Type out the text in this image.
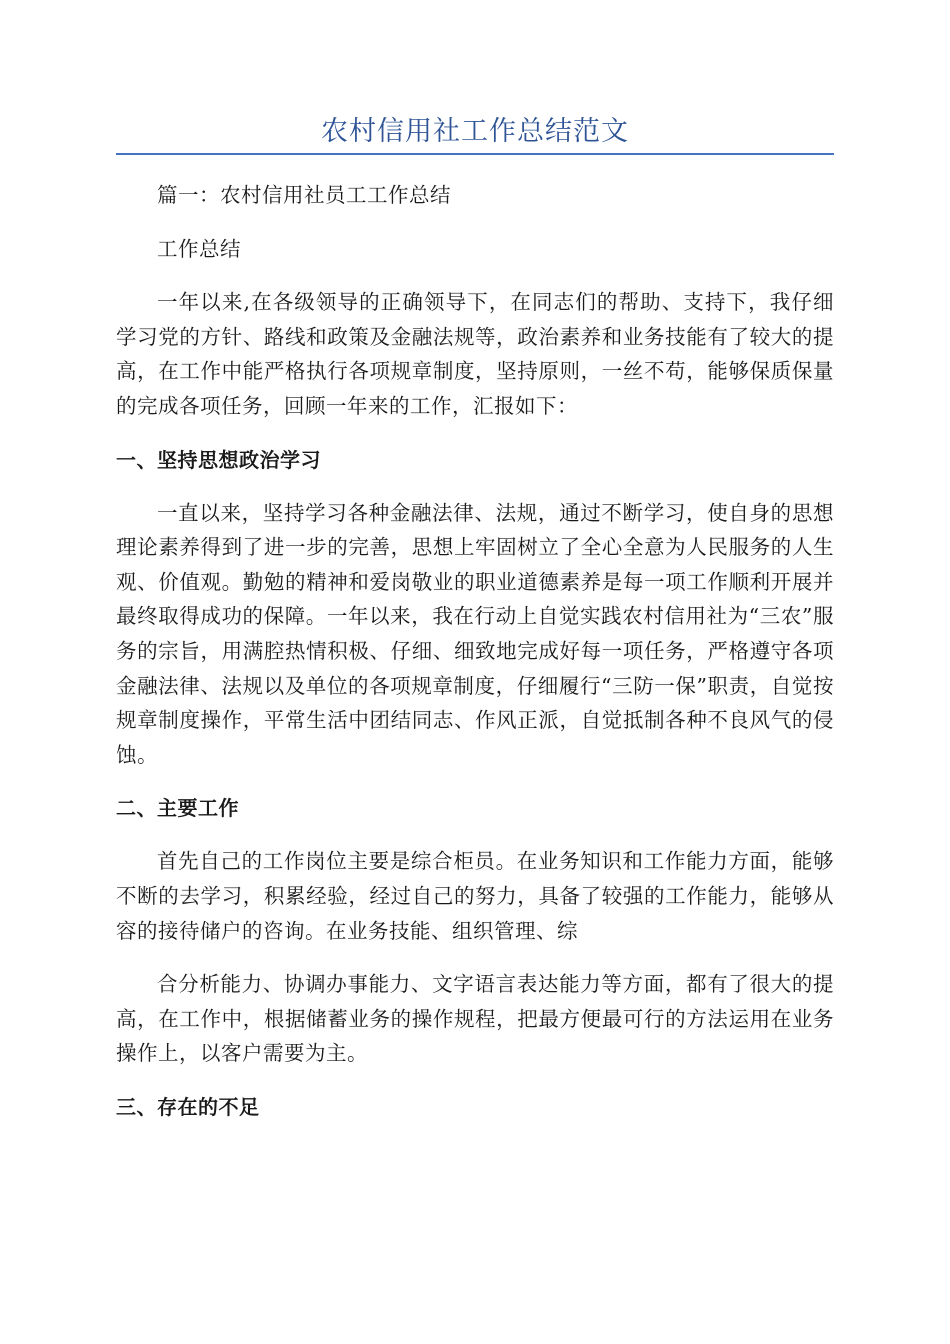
农村信用社工作总结范文

篇一：农村信用社员工工作总结

工作总结

一年以来,在各级领导的正确领导下，在同志们的帮助、支持下，我仔细学习党的方针、路线和政策及金融法规等，政治素养和业务技能有了较大的提高，在工作中能严格执行各项规章制度，坚持原则，一丝不苟，能够保质保量的完成各项任务，回顾一年来的工作，汇报如下：

一、坚持思想政治学习

一直以来，坚持学习各种金融法律、法规，通过不断学习，使自身的思想理论素养得到了进一步的完善，思想上牢固树立了全心全意为人民服务的人生观、价值观。勤勉的精神和爱岗敬业的职业道德素养是每一项工作顺利开展并最终取得成功的保障。一年以来，我在行动上自觉实践农村信用社为“三农”服务的宗旨，用满腔热情积极、仔细、细致地完成好每一项任务，严格遵守各项金融法律、法规以及单位的各项规章制度，仔细履行“三防一保”职责，自觉按规章制度操作，平常生活中团结同志、作风正派，自觉抵制各种不良风气的侵蚀。

二、主要工作

首先自己的工作岗位主要是综合柜员。在业务知识和工作能力方面，能够不断的去学习，积累经验，经过自己的努力，具备了较强的工作能力，能够从容的接待储户的咨询。在业务技能、组织管理、综

合分析能力、协调办事能力、文字语言表达能力等方面，都有了很大的提高，在工作中，根据储蓄业务的操作规程，把最方便最可行的方法运用在业务操作上，以客户需要为主。

三、存在的不足
